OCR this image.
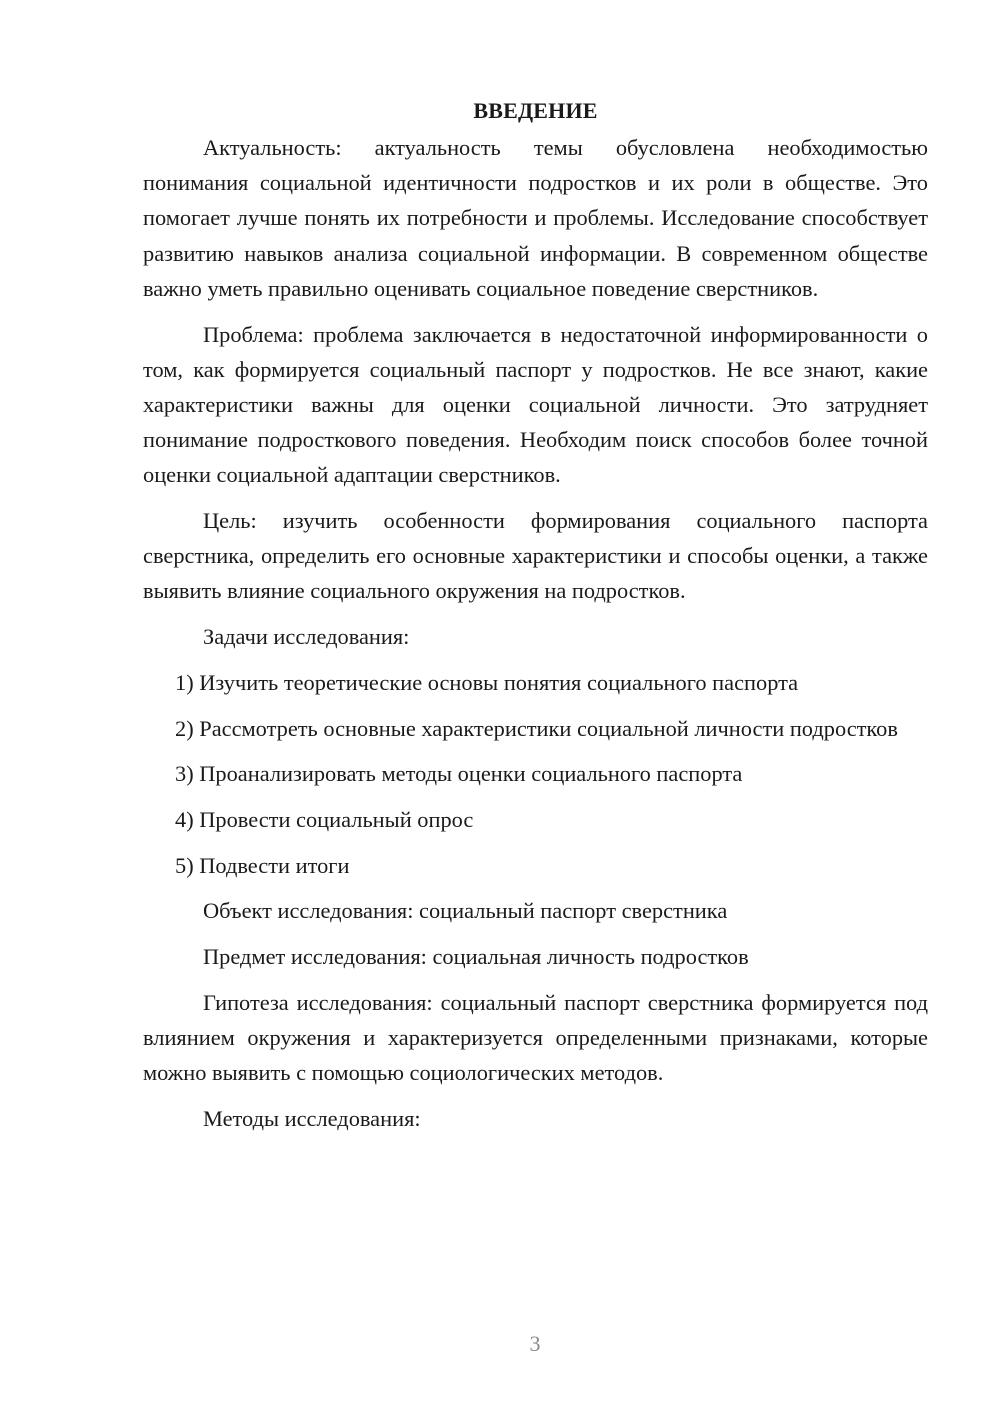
ВВЕДЕНИЕ

Актуальность: актуальность темы обусловлена необходимостью понимания социальной идентичности подростков и их роли в обществе. Это помогает лучше понять их потребности и проблемы. Исследование способствует развитию навыков анализа социальной информации. В современном обществе важно уметь правильно оценивать социальное поведение сверстников.

Проблема: проблема заключается в недостаточной информированности о том, как формируется социальный паспорт у подростков. Не все знают, какие характеристики важны для оценки социальной личности. Это затрудняет понимание подросткового поведения. Необходим поиск способов более точной оценки социальной адаптации сверстников.

Цель: изучить особенности формирования социального паспорта сверстника, определить его основные характеристики и способы оценки, а также выявить влияние социального окружения на подростков.

Задачи исследования:

1) Изучить теоретические основы понятия социального паспорта

2) Рассмотреть основные характеристики социальной личности подростков

3) Проанализировать методы оценки социального паспорта

4) Провести социальный опрос

5) Подвести итоги

Объект исследования: социальный паспорт сверстника

Предмет исследования: социальная личность подростков

Гипотеза исследования: социальный паспорт сверстника формируется под влиянием окружения и характеризуется определенными признаками, которые можно выявить с помощью социологических методов.

Методы исследования:

3
